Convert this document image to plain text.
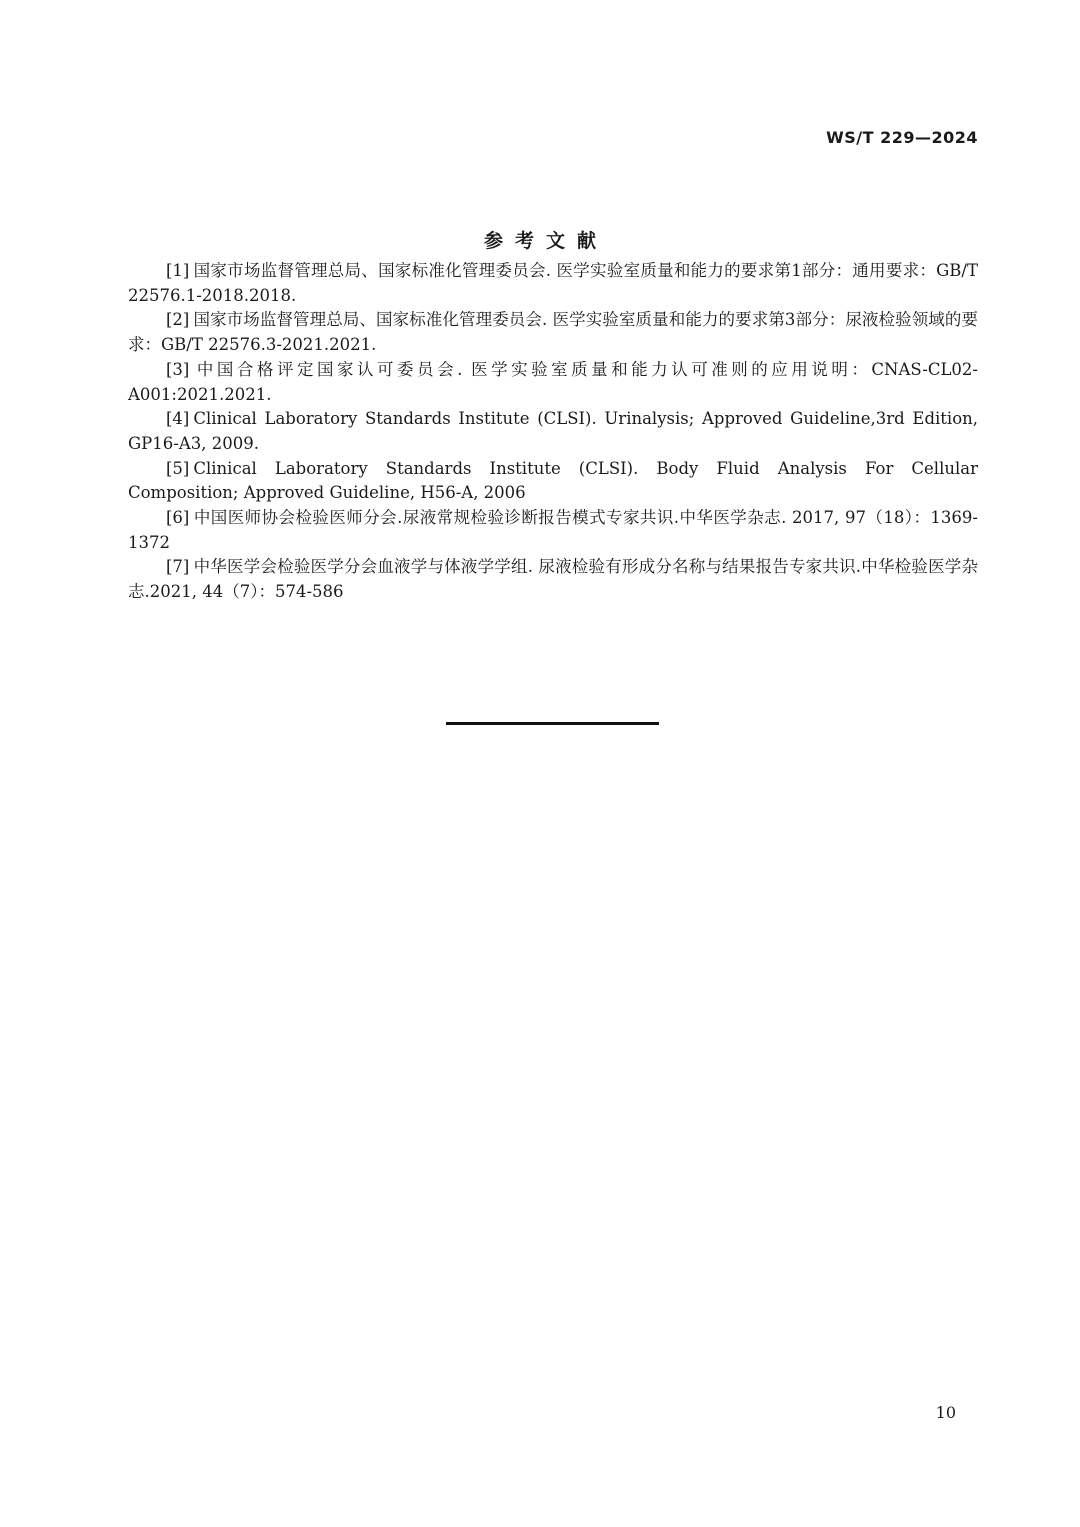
WS/T 229—2024
参考文献
[1] 国家市场监督管理总局、国家标准化管理委员会. 医学实验室质量和能力的要求第1部分：通用要求：GB/T 22576.1-2018.2018.
[2] 国家市场监督管理总局、国家标准化管理委员会. 医学实验室质量和能力的要求第3部分：尿液检验领域的要求：GB/T 22576.3-2021.2021.
[3] 中国合格评定国家认可委员会. 医学实验室质量和能力认可准则的应用说明：CNAS-CL02-A001:2021.2021.
[4] Clinical Laboratory Standards Institute (CLSI). Urinalysis; Approved Guideline,3rd Edition, GP16-A3, 2009.
[5] Clinical Laboratory Standards Institute (CLSI). Body Fluid Analysis For Cellular Composition; Approved Guideline, H56-A, 2006
[6] 中国医师协会检验医师分会.尿液常规检验诊断报告模式专家共识.中华医学杂志. 2017, 97（18）：1369-1372
[7] 中华医学会检验医学分会血液学与体液学学组. 尿液检验有形成分名称与结果报告专家共识.中华检验医学杂志.2021, 44（7）：574-586
10
